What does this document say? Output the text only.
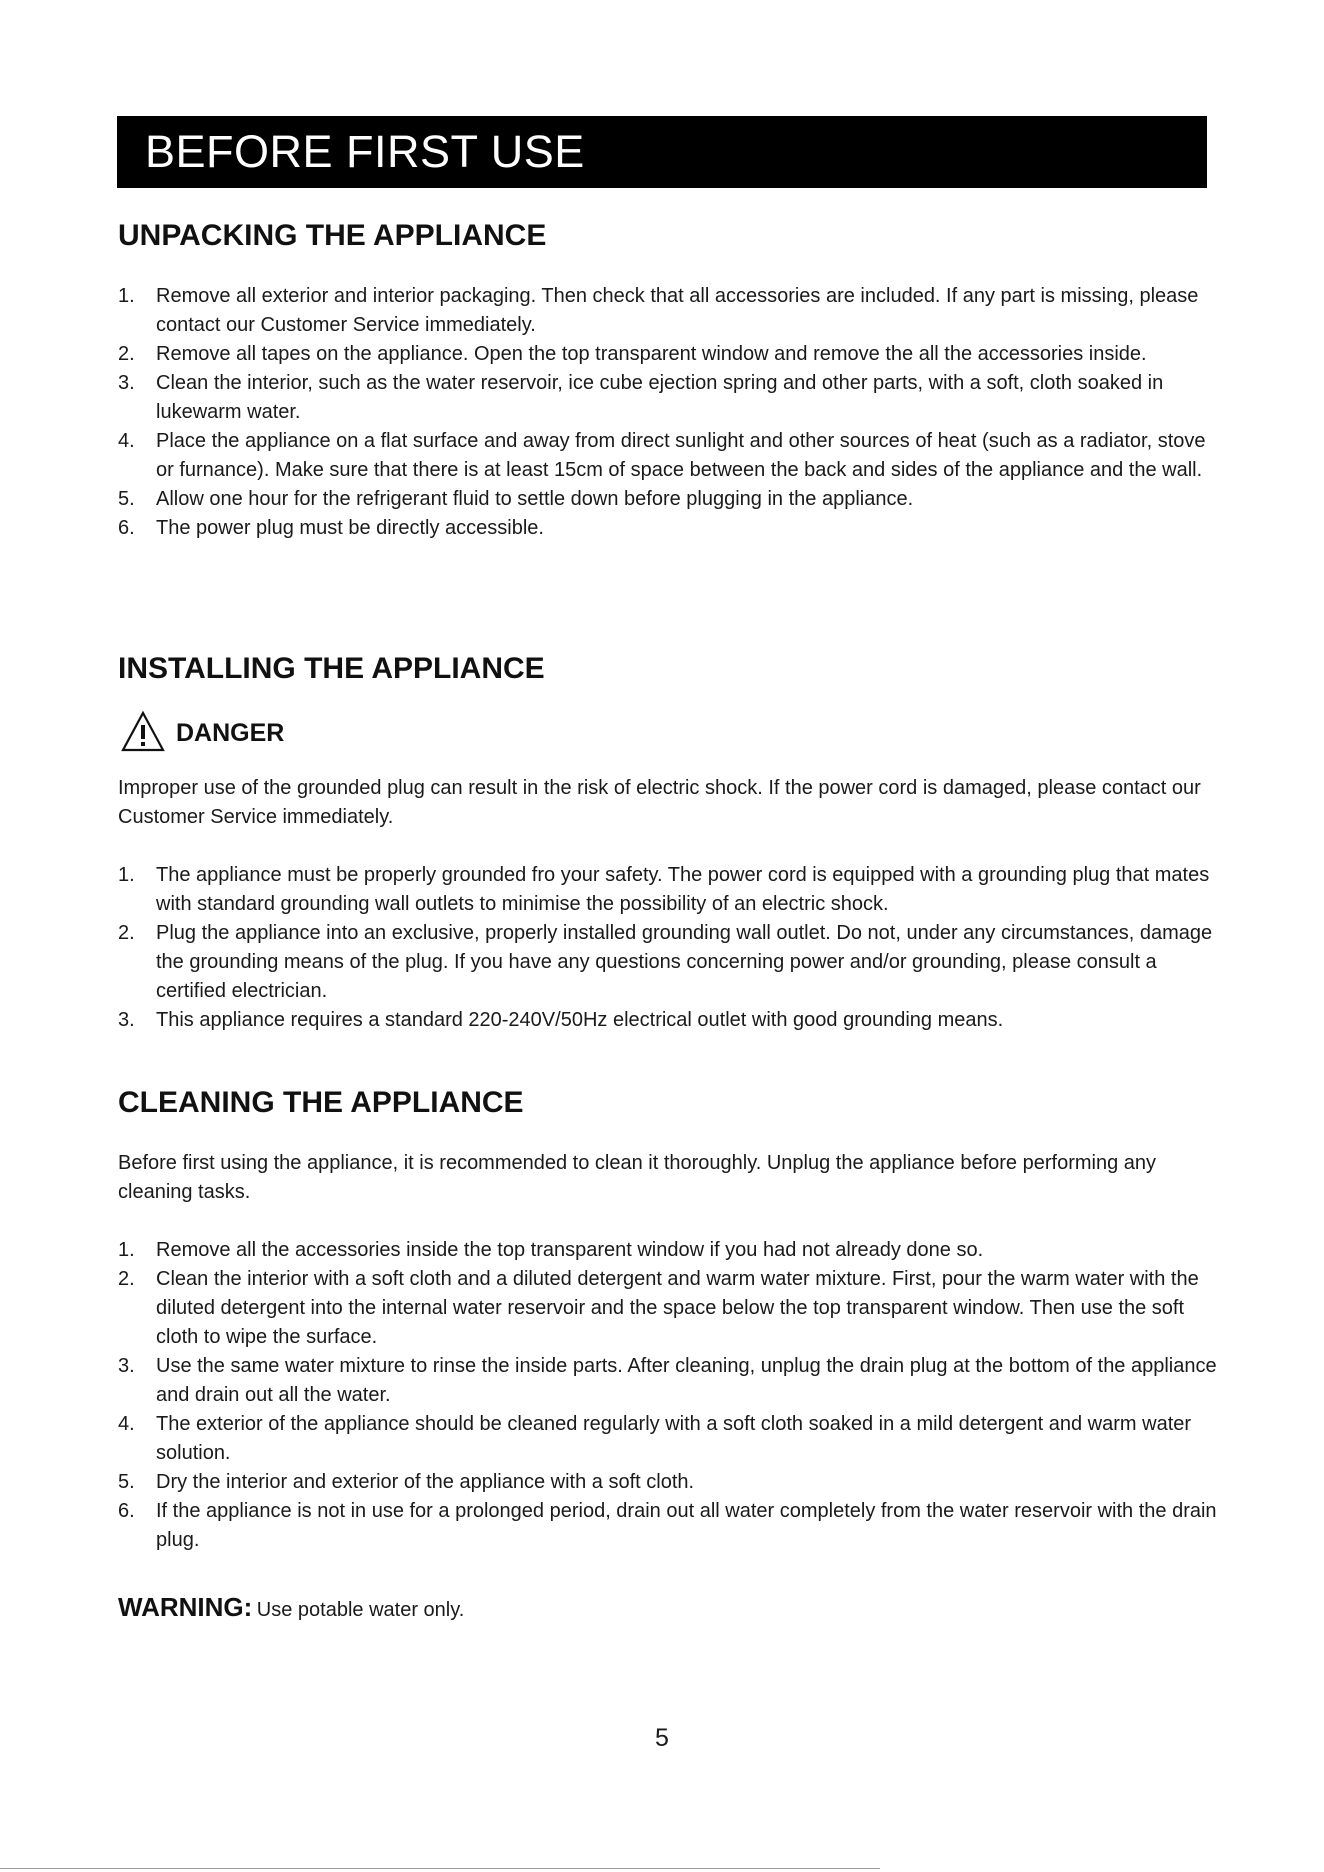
BEFORE FIRST USE
UNPACKING THE APPLIANCE
1. Remove all exterior and interior packaging. Then check that all accessories are included. If any part is missing, please contact our Customer Service immediately.
2. Remove all tapes on the appliance. Open the top transparent window and remove the all the accessories inside.
3. Clean the interior, such as the water reservoir, ice cube ejection spring and other parts, with a soft, cloth soaked in lukewarm water.
4. Place the appliance on a flat surface and away from direct sunlight and other sources of heat (such as a radiator, stove or furnance). Make sure that there is at least 15cm of space between the back and sides of the appliance and the wall.
5. Allow one hour for the refrigerant fluid to settle down before plugging in the appliance.
6. The power plug must be directly accessible.
INSTALLING THE APPLIANCE
DANGER

Improper use of the grounded plug can result in the risk of electric shock. If the power cord is damaged, please contact our Customer Service immediately.

1. The appliance must be properly grounded fro your safety. The power cord is equipped with a grounding plug that mates with standard grounding wall outlets to minimise the possibility of an electric shock.
2. Plug the appliance into an exclusive, properly installed grounding wall outlet. Do not, under any circumstances, damage the grounding means of the plug. If you have any questions concerning power and/or grounding, please consult a certified electrician.
3. This appliance requires a standard 220-240V/50Hz electrical outlet with good grounding means.
CLEANING THE APPLIANCE

Before first using the appliance, it is recommended to clean it thoroughly. Unplug the appliance before performing any cleaning tasks.

1. Remove all the accessories inside the top transparent window if you had not already done so.
2. Clean the interior with a soft cloth and a diluted detergent and warm water mixture. First, pour the warm water with the diluted detergent into the internal water reservoir and the space below the top transparent window. Then use the soft cloth to wipe the surface.
3. Use the same water mixture to rinse the inside parts. After cleaning, unplug the drain plug at the bottom of the appliance and drain out all the water.
4. The exterior of the appliance should be cleaned regularly with a soft cloth soaked in a mild detergent and warm water solution.
5. Dry the interior and exterior of the appliance with a soft cloth.
6. If the appliance is not in use for a prolonged period, drain out all water completely from the water reservoir with the drain plug.
WARNING: Use potable water only.
5
